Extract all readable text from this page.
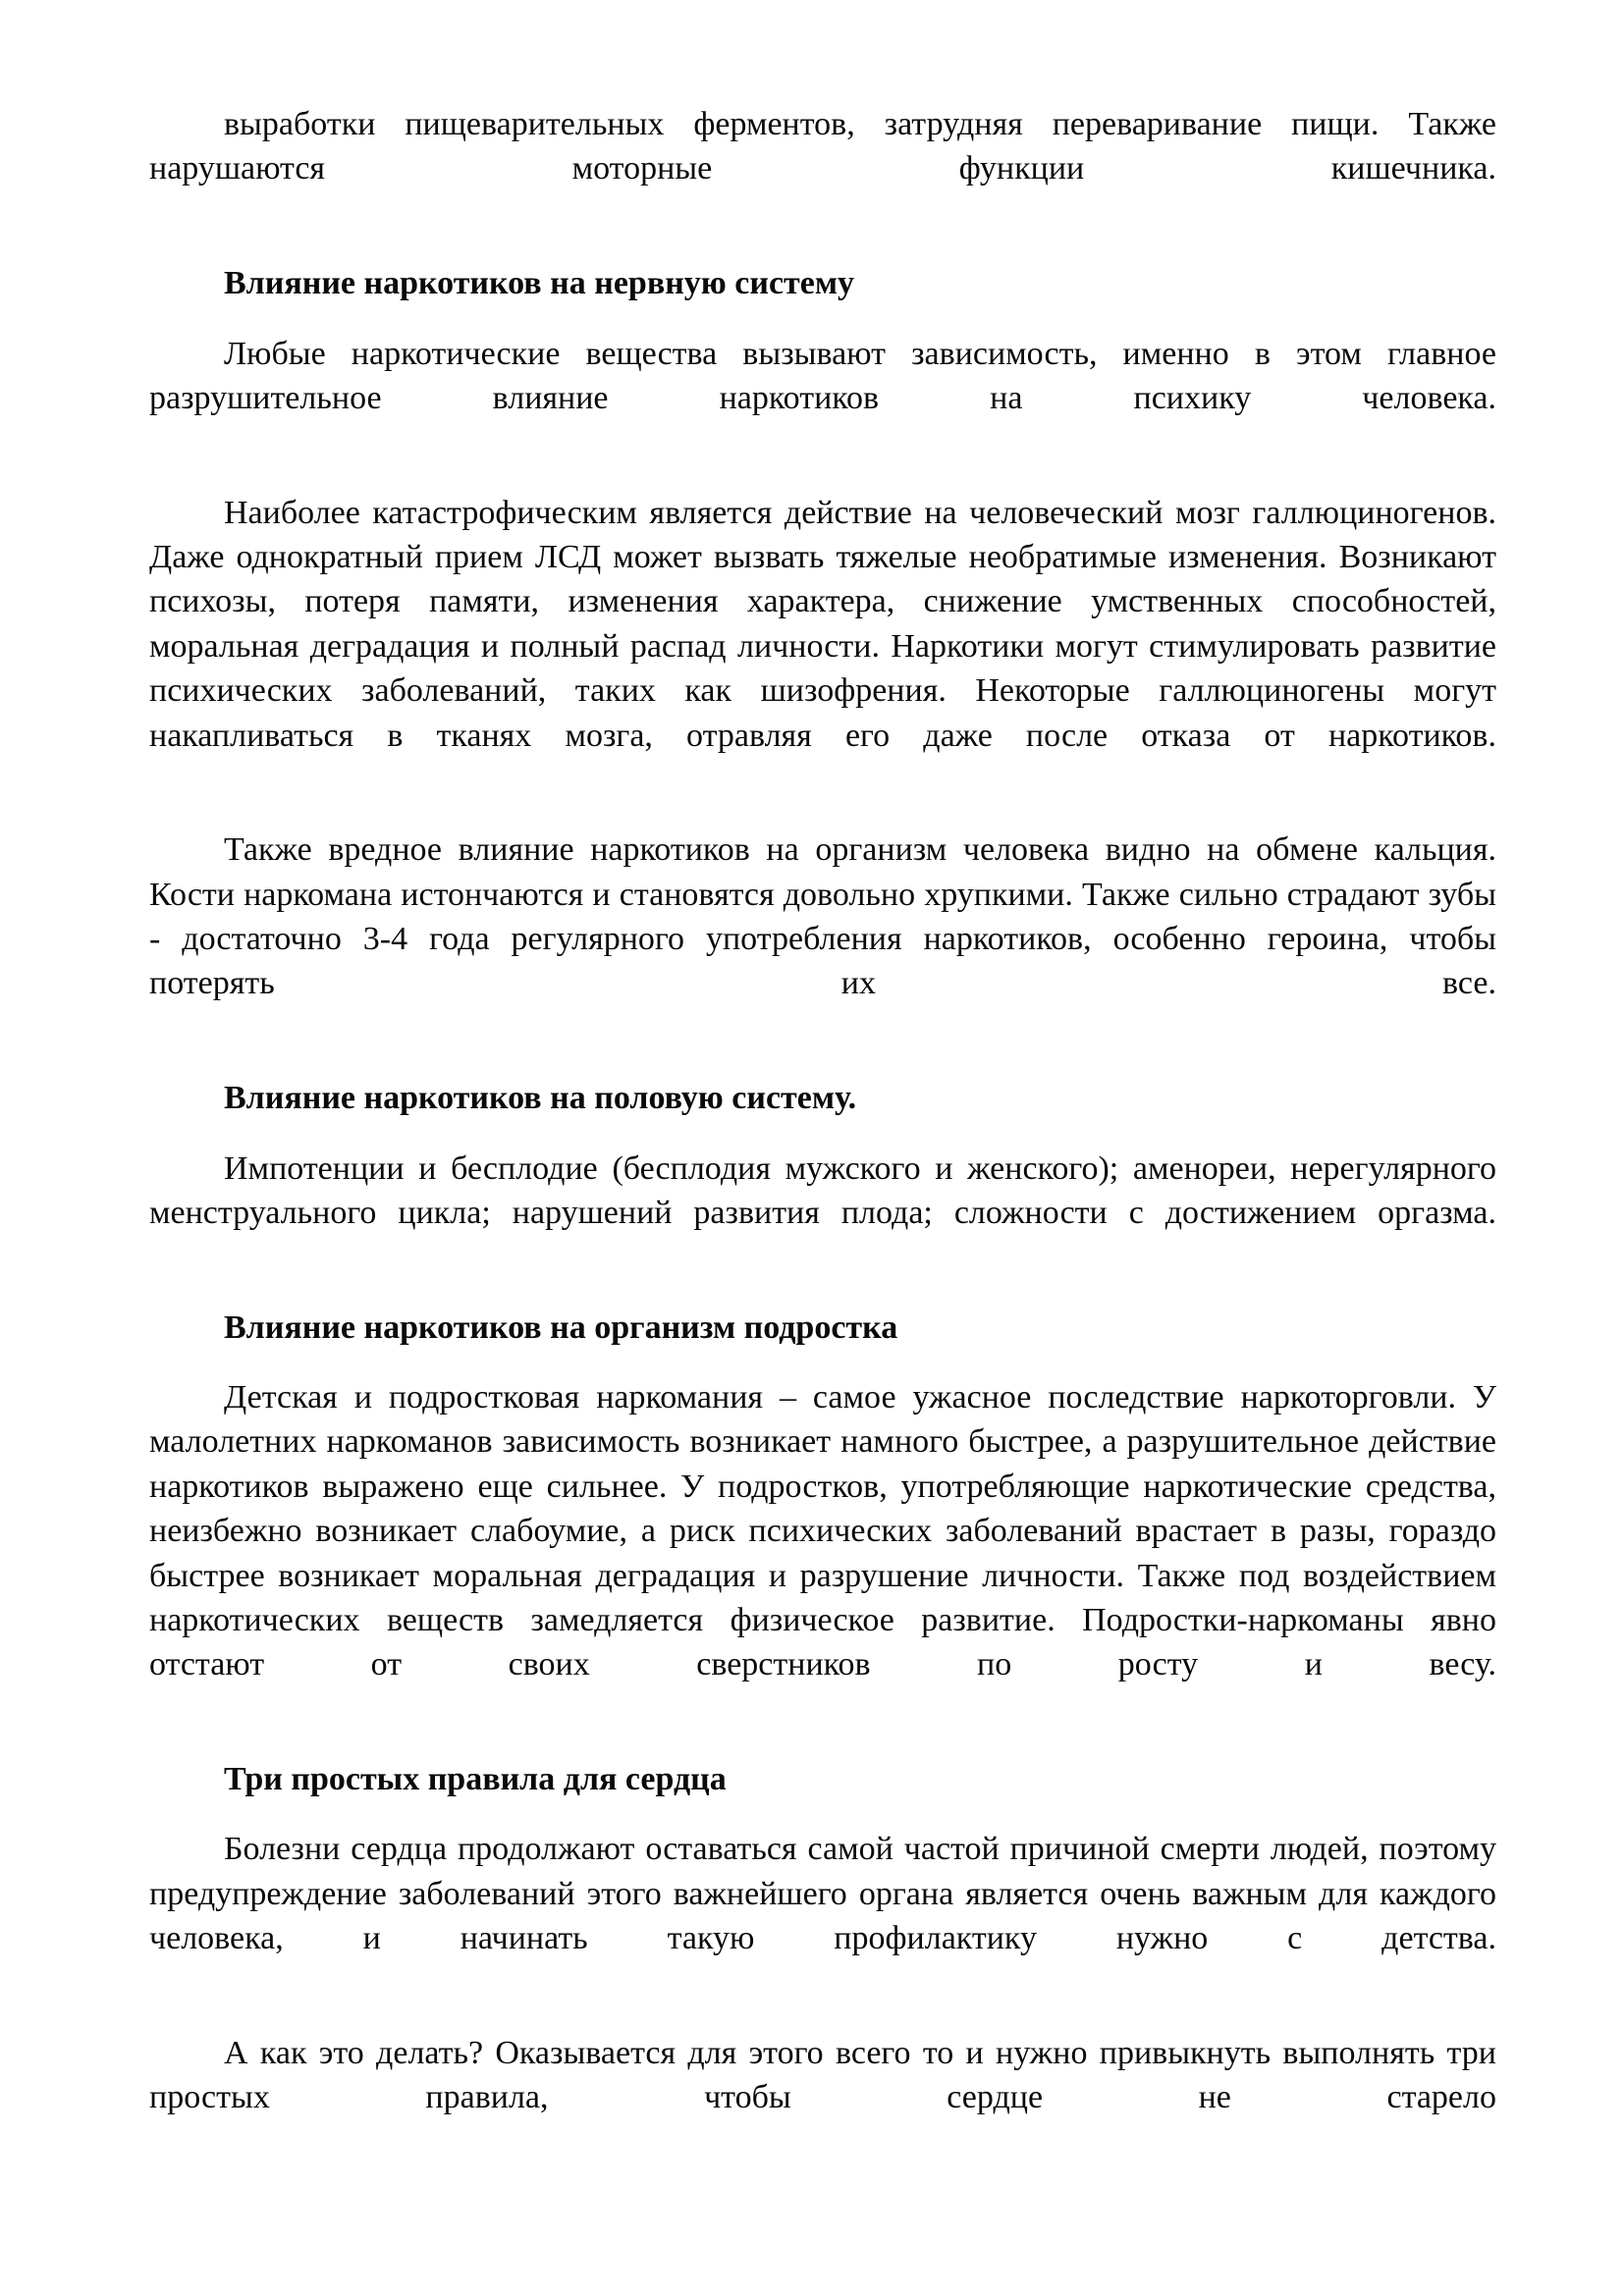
выработки пищеварительных ферментов, затрудняя переваривание пищи. Также нарушаются моторные функции кишечника.

Влияние наркотиков на нервную систему

Любые наркотические вещества вызывают зависимость, именно в этом главное разрушительное влияние наркотиков на психику человека.

Наиболее катастрофическим является действие на человеческий мозг галлюциногенов. Даже однократный прием ЛСД может вызвать тяжелые необратимые изменения. Возникают психозы, потеря памяти, изменения характера, снижение умственных способностей, моральная деградация и полный распад личности. Наркотики могут стимулировать развитие психических заболеваний, таких как шизофрения. Некоторые галлюциногены могут накапливаться в тканях мозга, отравляя его даже после отказа от наркотиков.

Также вредное влияние наркотиков на организм человека видно на обмене кальция. Кости наркомана истончаются и становятся довольно хрупкими. Также сильно страдают зубы - достаточно 3-4 года регулярного употребления наркотиков, особенно героина, чтобы потерять их все.

Влияние наркотиков на половую систему.

Импотенции и бесплодие (бесплодия мужского и женского); аменореи, нерегулярного менструального цикла; нарушений развития плода; сложности с достижением оргазма.

Влияние наркотиков на организм подростка

Детская и подростковая наркомания – самое ужасное последствие наркоторговли. У малолетних наркоманов зависимость возникает намного быстрее, а разрушительное действие наркотиков выражено еще сильнее. У подростков, употребляющие наркотические средства, неизбежно возникает слабоумие, а риск психических заболеваний врастает в разы, гораздо быстрее возникает моральная деградация и разрушение личности. Также под воздействием наркотических веществ замедляется физическое развитие. Подростки-наркоманы явно отстают от своих сверстников по росту и весу.

Три простых правила для сердца

Болезни сердца продолжают оставаться самой частой причиной смерти людей, поэтому предупреждение заболеваний этого важнейшего органа является очень важным для каждого человека, и начинать такую профилактику нужно с детства.

А как это делать? Оказывается для этого всего то и нужно привыкнуть выполнять три простых правила, чтобы сердце не старело
